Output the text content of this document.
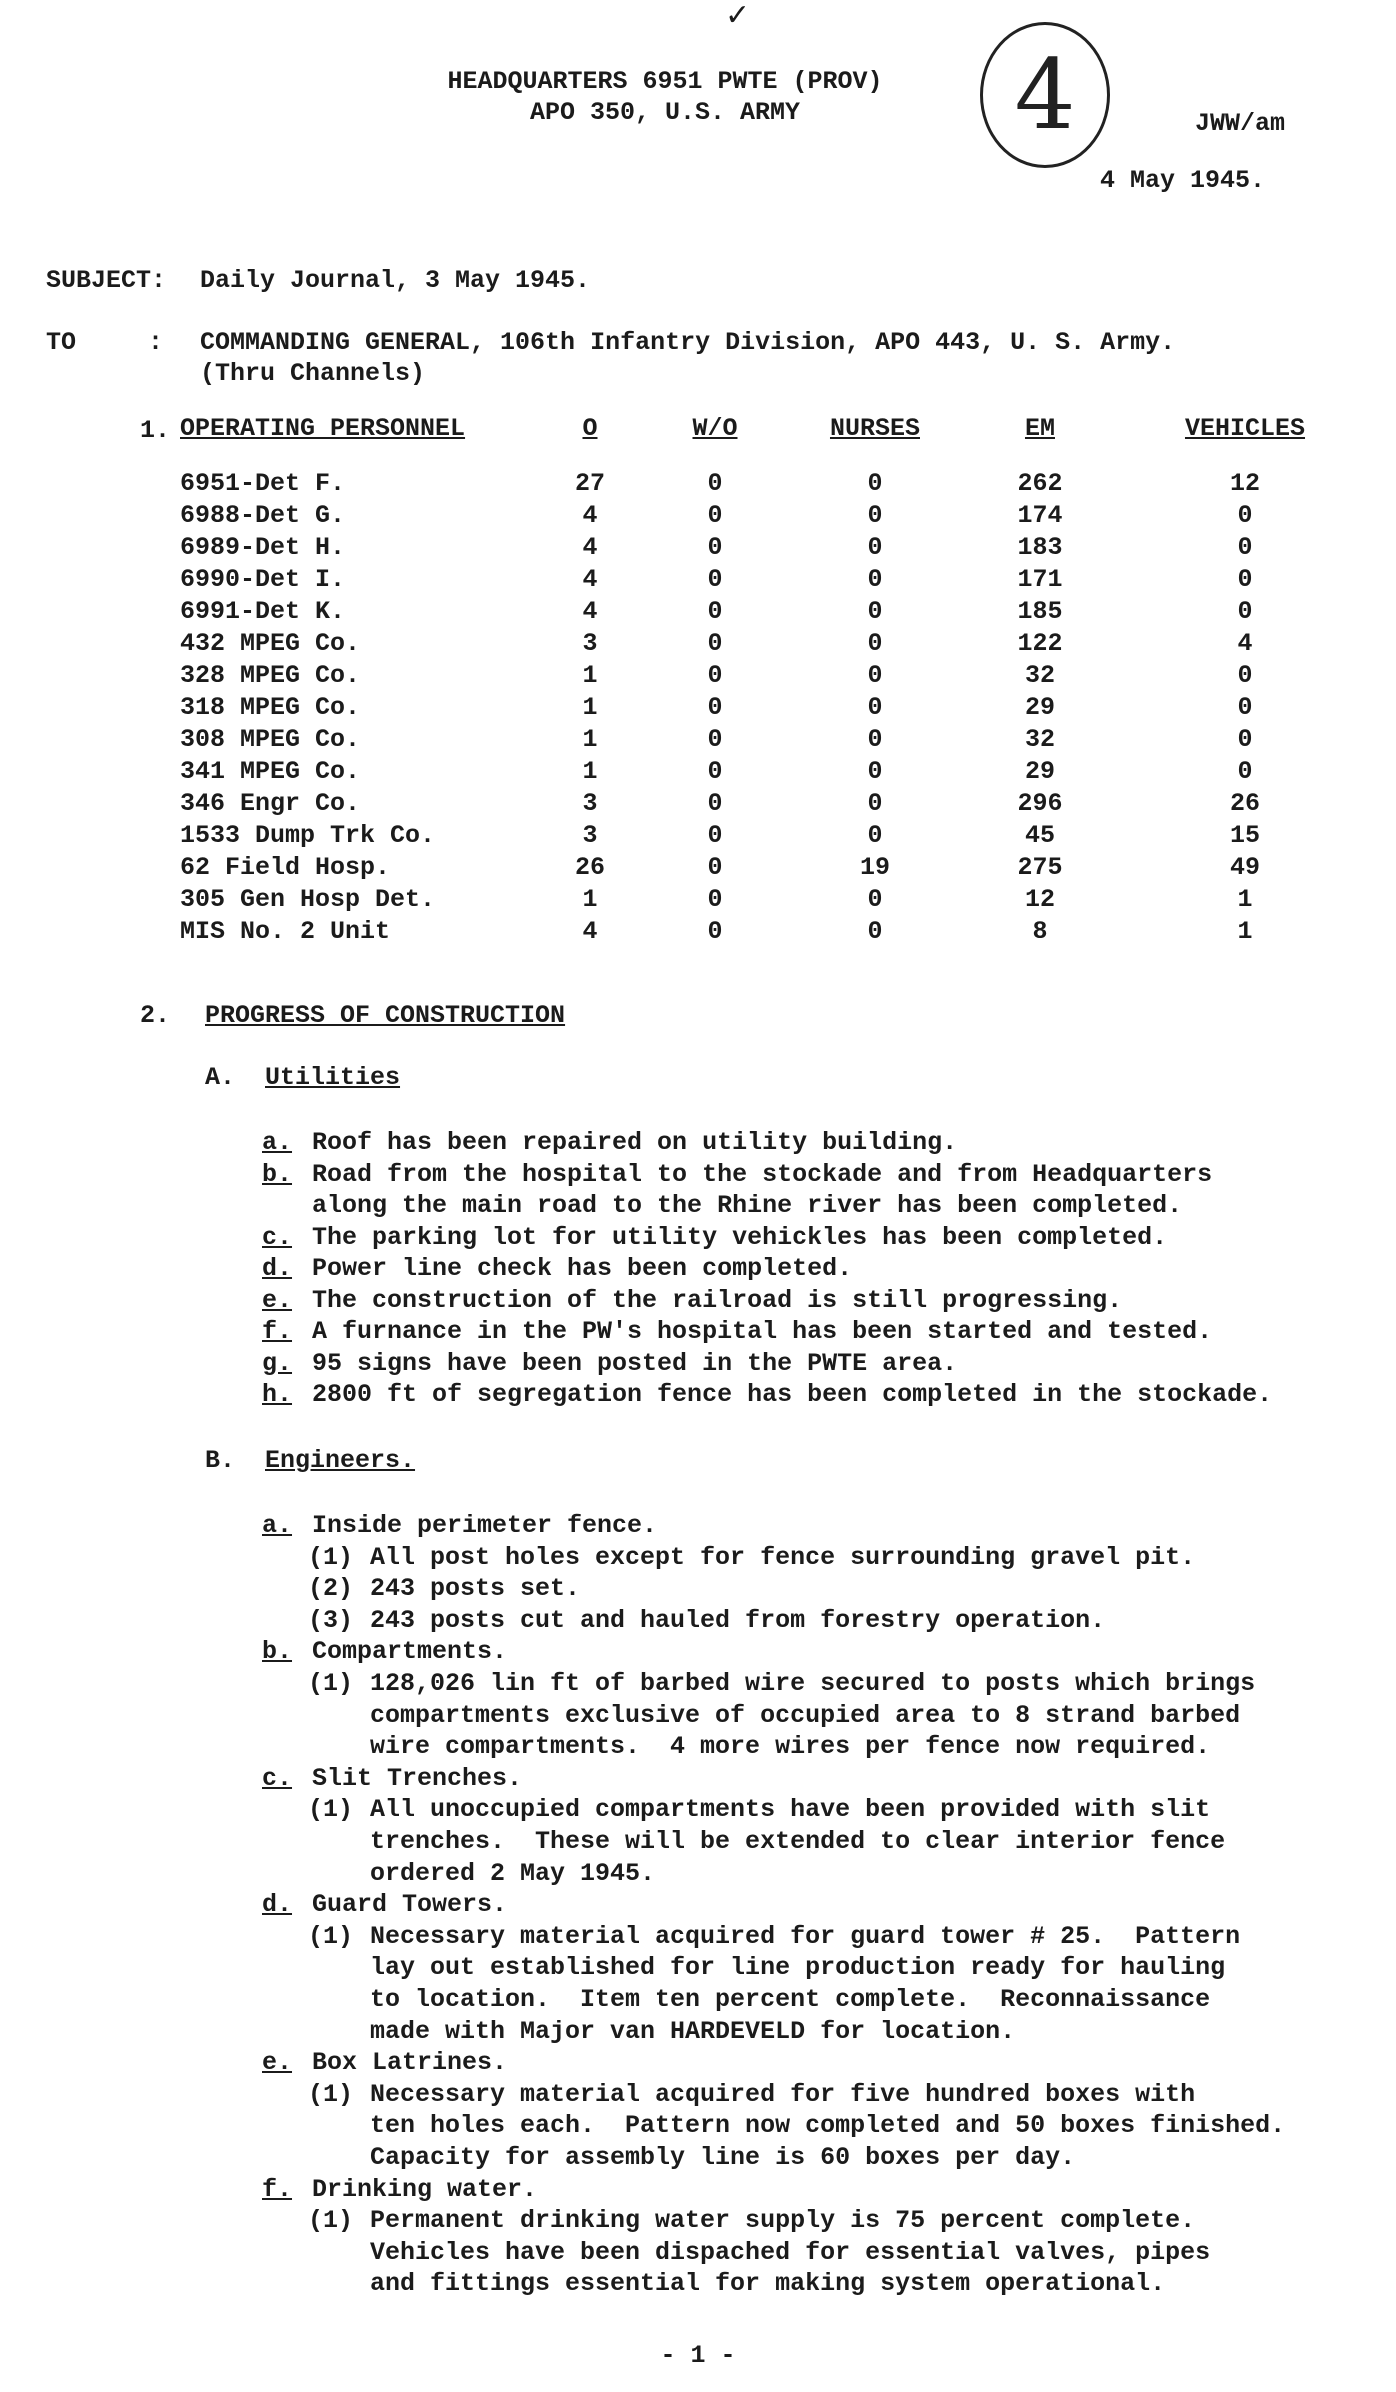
✓
HEADQUARTERS 6951 PWTE (PROV)
APO 350, U.S. ARMY	4	JWW/am
4 May 1945.
SUBJECT: Daily Journal, 3 May 1945.
TO	: COMMANDING GENERAL, 106th Infantry Division, APO 443, U. S. Army.
(Thru Channels)
1. OPERATING PERSONNEL	O	W/O	NURSES	EM	VEHICLES
6951-Det F.	27	0	0	262	12
6988-Det G.	4	0	0	174	0
6989-Det H.	4	0	0	183	0
6990-Det I.	4	0	0	171	0
6991-Det K.	4	0	0	185	0
432 MPEG Co.	3	0	0	122	4
328 MPEG Co.	1	0	0	32	0
318 MPEG Co.	1	0	0	29	0
308 MPEG Co.	1	0	0	32	0
341 MPEG Co.	1	0	0	29	0
346 Engr Co.	3	0	0	296	26
1533 Dump Trk Co.	3	0	0	45	15
62 Field Hosp.	26	0	19	275	49
305 Gen Hosp Det.	1	0	0	12	1
MIS No. 2 Unit	4	0	0	8	1
2. PROGRESS OF CONSTRUCTION
A. Utilities
a. Roof has been repaired on utility building.
b. Road from the hospital to the stockade and from Headquarters
along the main road to the Rhine river has been completed.
c. The parking lot for utility vehickles has been completed.
d. Power line check has been completed.
e. The construction of the railroad is still progressing.
f. A furnance in the PW's hospital has been started and tested.
g. 95 signs have been posted in the PWTE area.
h. 2800 ft of segregation fence has been completed in the stockade.
B. Engineers.
a. Inside perimeter fence.
(1) All post holes except for fence surrounding gravel pit.
(2) 243 posts set.
(3) 243 posts cut and hauled from forestry operation.
b. Compartments.
(1) 128,026 lin ft of barbed wire secured to posts which brings
compartments exclusive of occupied area to 8 strand barbed
wire compartments.  4 more wires per fence now required.
c. Slit Trenches.
(1) All unoccupied compartments have been provided with slit
trenches.  These will be extended to clear interior fence
ordered 2 May 1945.
d. Guard Towers.
(1) Necessary material acquired for guard tower # 25.  Pattern
lay out established for line production ready for hauling
to location.  Item ten percent complete.  Reconnaissance
made with Major van HARDEVELD for location.
e. Box Latrines.
(1) Necessary material acquired for five hundred boxes with
ten holes each.  Pattern now completed and 50 boxes finished.
Capacity for assembly line is 60 boxes per day.
f. Drinking water.
(1) Permanent drinking water supply is 75 percent complete.
Vehicles have been dispached for essential valves, pipes
and fittings essential for making system operational.
- 1 -
